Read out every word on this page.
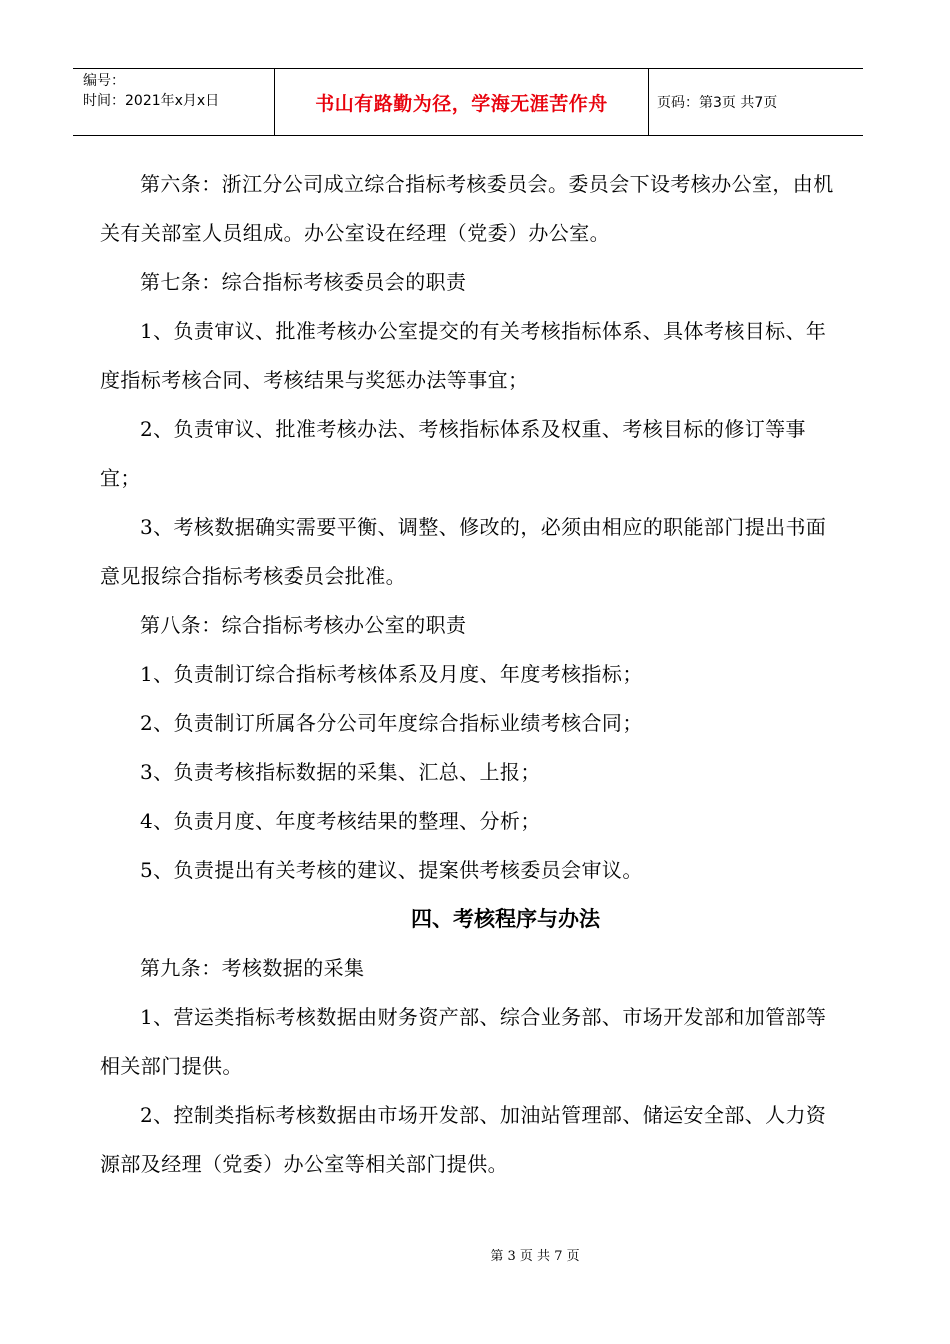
编号：
时间：2021年x月x日	书山有路勤为径，学海无涯苦作舟	页码：第3页 共7页

第六条：浙江分公司成立综合指标考核委员会。委员会下设考核办公室，由机关有关部室人员组成。办公室设在经理（党委）办公室。

第七条：综合指标考核委员会的职责

1、负责审议、批准考核办公室提交的有关考核指标体系、具体考核目标、年度指标考核合同、考核结果与奖惩办法等事宜；

2、负责审议、批准考核办法、考核指标体系及权重、考核目标的修订等事宜；

3、考核数据确实需要平衡、调整、修改的，必须由相应的职能部门提出书面意见报综合指标考核委员会批准。

第八条：综合指标考核办公室的职责

1、负责制订综合指标考核体系及月度、年度考核指标；

2、负责制订所属各分公司年度综合指标业绩考核合同；

3、负责考核指标数据的采集、汇总、上报；

4、负责月度、年度考核结果的整理、分析；

5、负责提出有关考核的建议、提案供考核委员会审议。

四、考核程序与办法

第九条：考核数据的采集

1、营运类指标考核数据由财务资产部、综合业务部、市场开发部和加管部等相关部门提供。

2、控制类指标考核数据由市场开发部、加油站管理部、储运安全部、人力资源部及经理（党委）办公室等相关部门提供。

第 3 页 共 7 页
